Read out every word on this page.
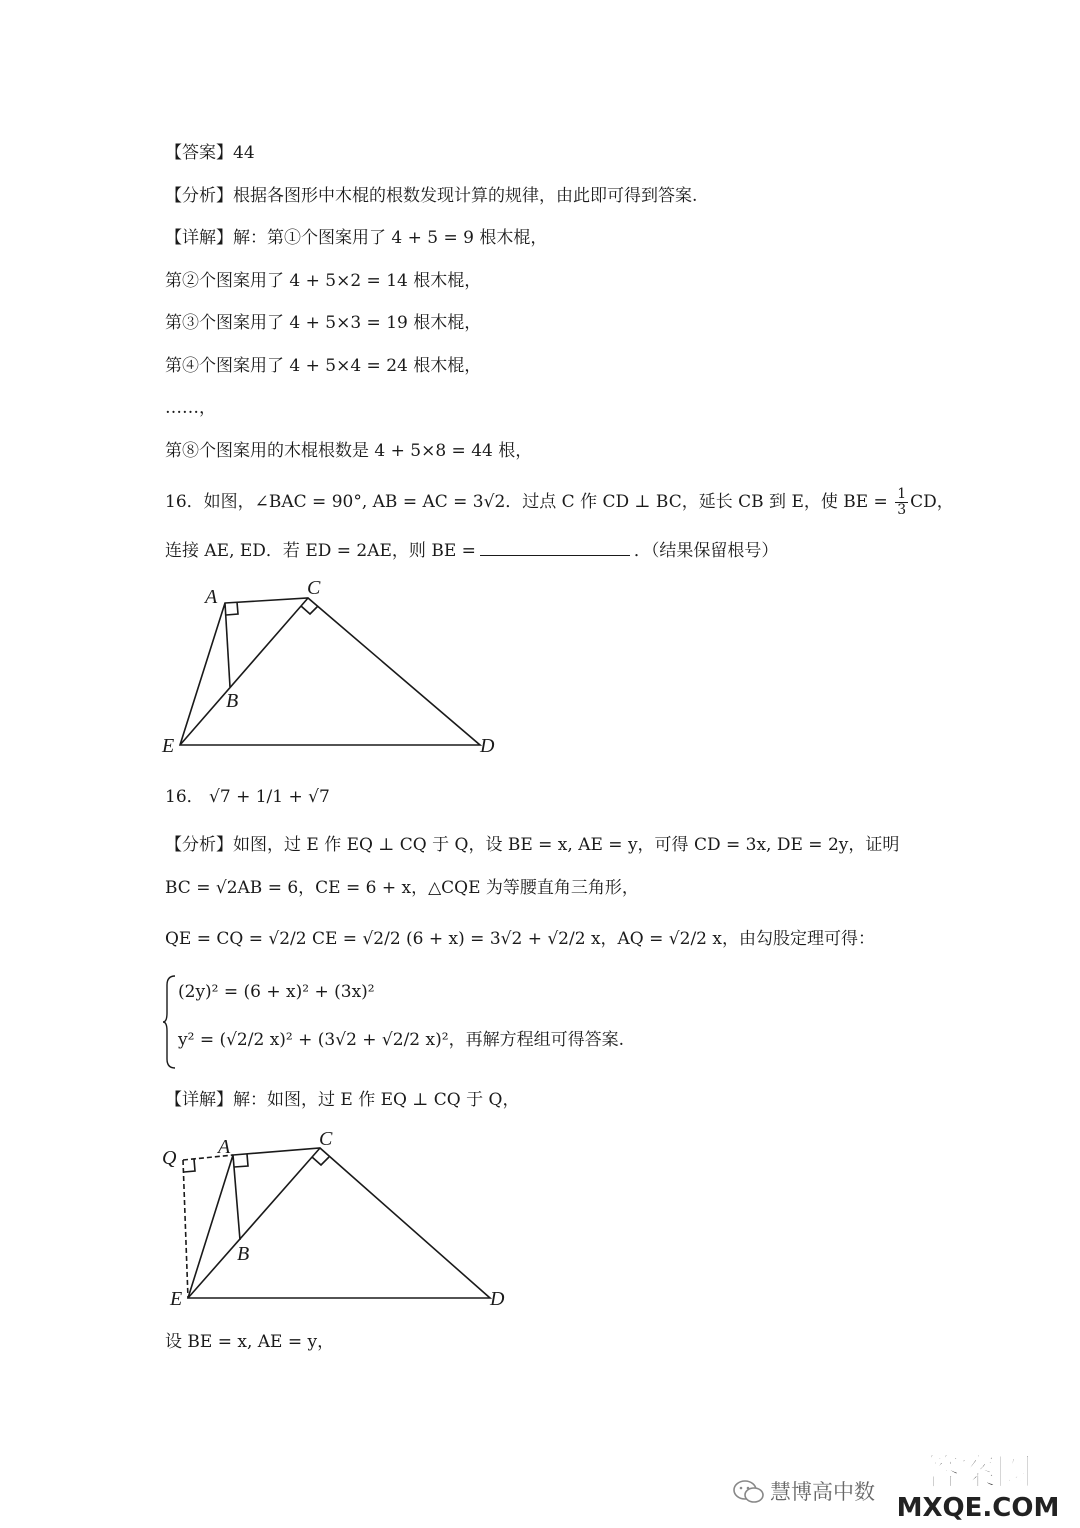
【答案】44
【分析】根据各图形中木棍的根数发现计算的规律，由此即可得到答案.
【详解】解：第①个图案用了 4 + 5 = 9 根木棍，
第②个图案用了 4 + 5×2 = 14 根木棍，
第③个图案用了 4 + 5×3 = 19 根木棍，
第④个图案用了 4 + 5×4 = 24 根木棍，
……，
第⑧个图案用的木棍根数是 4 + 5×8 = 44 根，
16．如图，∠BAC = 90°, AB = AC = 3√2．过点 C 作 CD ⊥ BC，延长 CB 到 E，使 BE = $\frac{1}{3}$ CD，
连接 AE, ED．若 ED = 2AE，则 BE =	．（结果保留根号）
A	C
B
E	D
16． √7 + 1/1 + √7
【分析】如图，过 E 作 EQ ⊥ CQ 于 Q，设 BE = x, AE = y，可得 CD = 3x, DE = 2y，证明
BC = √2AB = 6，CE = 6 + x，△CQE 为等腰直角三角形，
QE = CQ = √2/2 CE = √2/2 (6 + x) = 3√2 + √2/2 x，AQ = √2/2 x，由勾股定理可得：
(2y)² = (6 + x)² + (3x)²
y² = (√2/2 x)² + (3√2 + √2/2 x)²，再解方程组可得答案.
【详解】解：如图，过 E 作 EQ ⊥ CQ 于 Q，
Q A	C
B
E	D
设 BE = x, AE = y，
慧博高中数 答案圈
MXQE.COM
